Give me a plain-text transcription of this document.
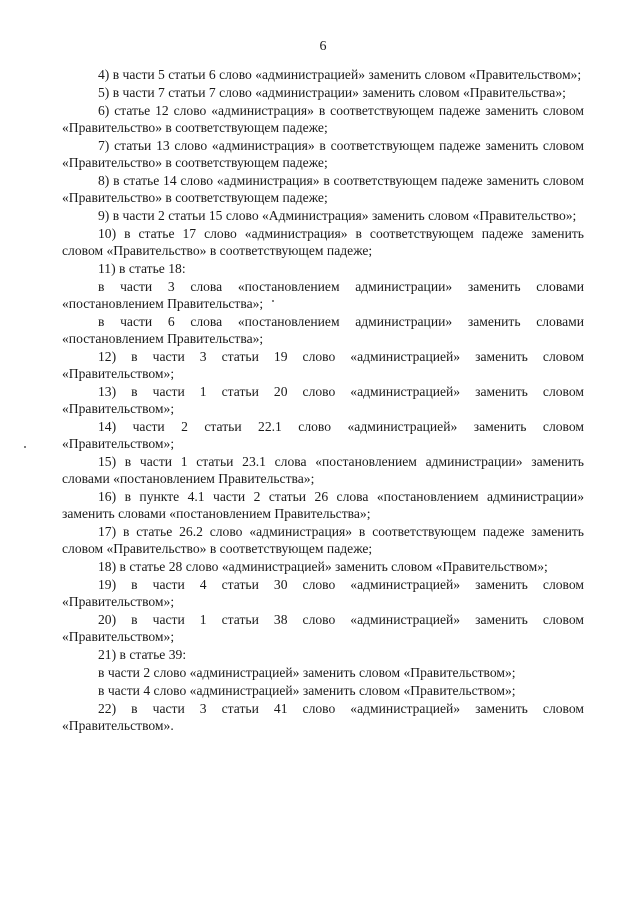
6

4) в части 5 статьи 6 слово «администрацией» заменить словом «Правительством»;

5) в части 7 статьи 7 слово «администрации» заменить словом «Правительства»;

6) статье 12 слово «администрация» в соответствующем падеже заменить словом «Правительство» в соответствующем падеже;

7) статьи 13 слово «администрация» в соответствующем падеже заменить словом «Правительство» в соответствующем падеже;

8) в статье 14 слово «администрация» в соответствующем падеже заменить словом «Правительство» в соответствующем падеже;

9) в части 2 статьи 15 слово «Администрация» заменить словом «Правительство»;

10) в статье 17 слово «администрация» в соответствующем падеже заменить словом «Правительство» в соответствующем падеже;

11) в статье 18:

в части 3 слова «постановлением администрации» заменить словами «постановлением Правительства»;

в части 6 слова «постановлением администрации» заменить словами «постановлением Правительства»;

12) в части 3 статьи 19 слово «администрацией» заменить словом «Правительством»;

13) в части 1 статьи 20 слово «администрацией» заменить словом «Правительством»;

14) части 2 статьи 22.1 слово «администрацией» заменить словом «Правительством»;

15) в части 1 статьи 23.1 слова «постановлением администрации» заменить словами «постановлением Правительства»;

16) в пункте 4.1 части 2 статьи 26 слова «постановлением администрации» заменить словами «постановлением Правительства»;

17) в статье 26.2 слово «администрация» в соответствующем падеже заменить словом «Правительство» в соответствующем падеже;

18) в статье 28 слово «администрацией» заменить словом «Правительством»;

19) в части 4 статьи 30 слово «администрацией» заменить словом «Правительством»;

20) в части 1 статьи 38 слово «администрацией» заменить словом «Правительством»;

21) в статье 39:

в части 2 слово «администрацией» заменить словом «Правительством»;

в части 4 слово «администрацией» заменить словом «Правительством»;

22) в части 3 статьи 41 слово «администрацией» заменить словом «Правительством».
